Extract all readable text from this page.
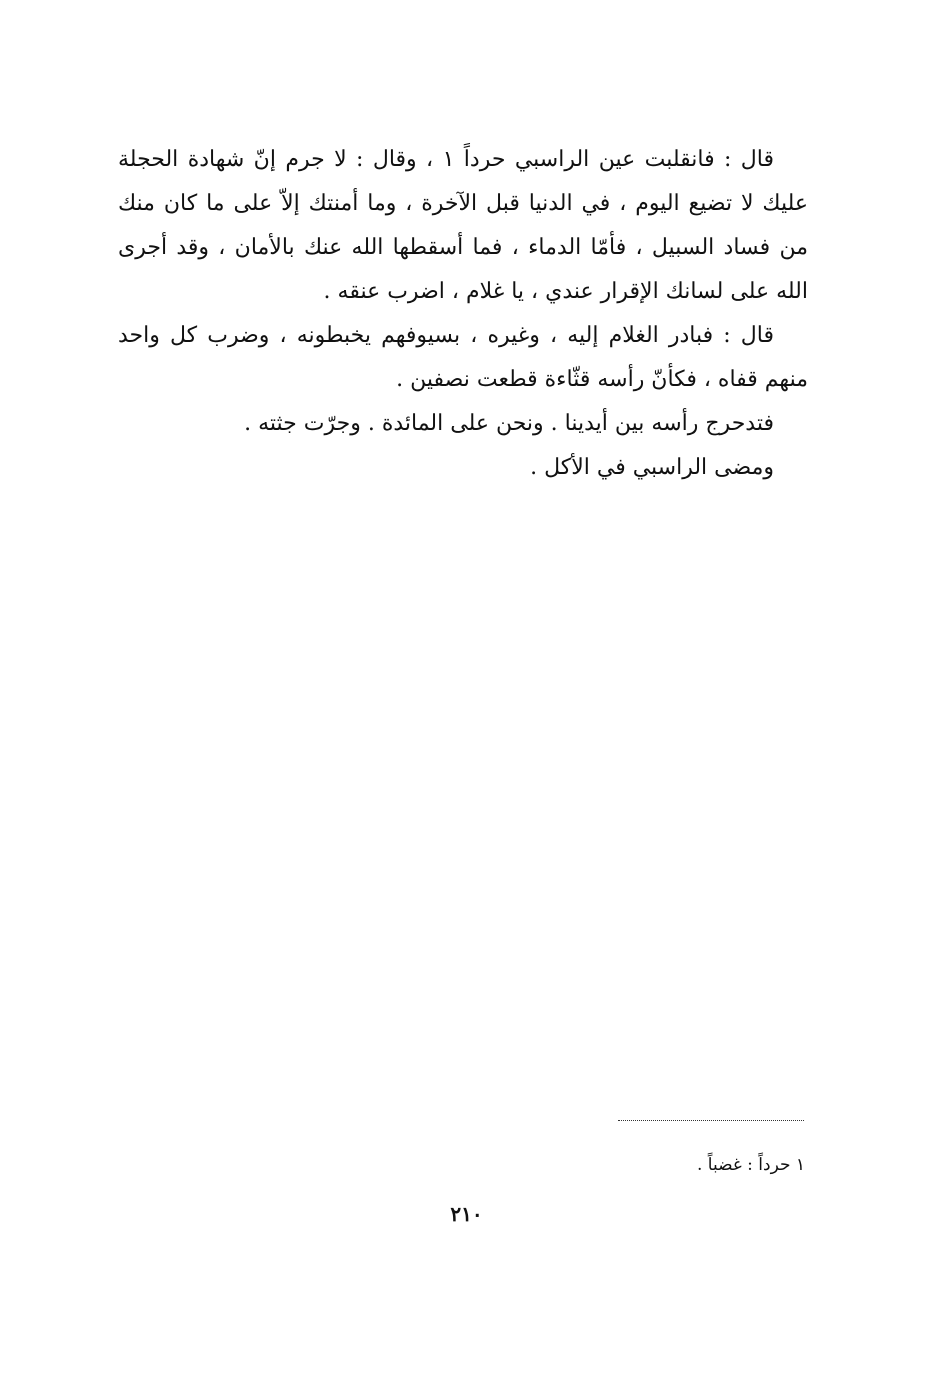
قال : فانقلبت عين الراسبي حرداً ١ ، وقال : لا جرم إنّ شهادة الحجلة عليك لا تضيع اليوم ، في الدنيا قبل الآخرة ، وما أمنتك إلاّ على ما كان منك من فساد السبيل ، فأمّا الدماء ، فما أسقطها الله عنك بالأمان ، وقد أجرى الله على لسانك الإقرار عندي ، يا غلام ، اضرب عنقه .

قال : فبادر الغلام إليه ، وغيره ، بسيوفهم يخبطونه ، وضرب كل واحد منهم قفاه ، فكأنّ رأسه قثّاءة قطعت نصفين .

فتدحرج رأسه بين أيدينا . ونحن على المائدة . وجرّت جثته .

ومضى الراسبي في الأكل .

١ حرداً : غضباً .
٢١٠
